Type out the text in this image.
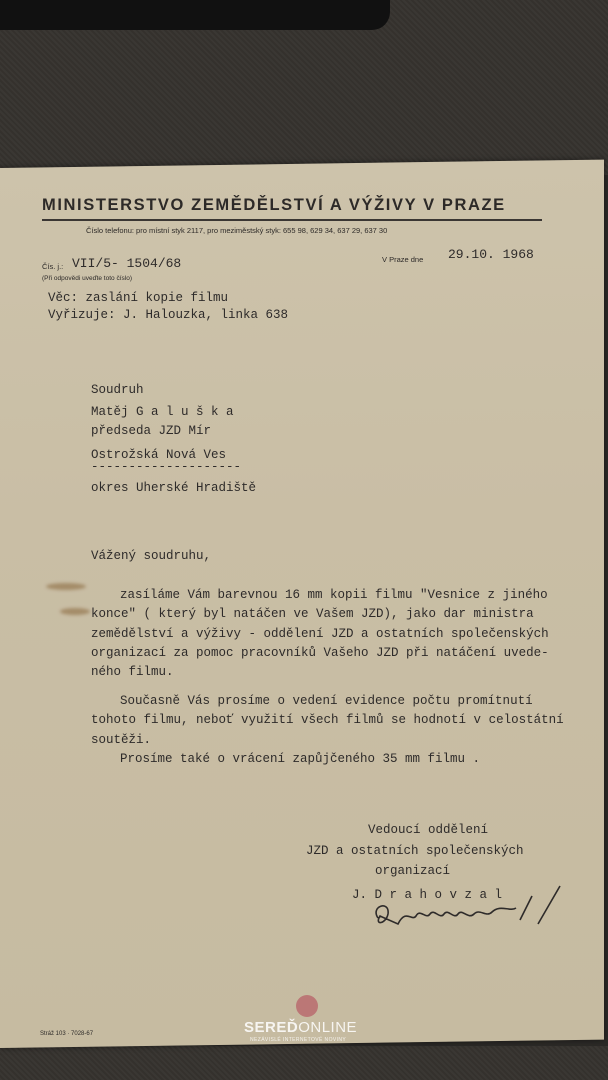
MINISTERSTVO ZEMĚDĚLSTVÍ A VÝŽIVY V PRAZE
Číslo telefonu: pro místní styk 2117, pro meziměstský styk: 655 98, 629 34, 637 29, 637 30
Čís. j.: VII/5- 1504/68
(Při odpovědi uveďte toto číslo)
V Praze dne 29.10. 1968
Věc: zaslání kopie filmu
Vyřizuje: J. Halouzka, linka 638
Soudruh
Matěj G a l u š k a
předseda JZD Mír
Ostrožská Nová Ves
--------------------
okres Uherské Hradiště
Vážený soudruhu,
zasíláme Vám barevnou 16 mm kopii filmu "Vesnice z jiného
konce" ( který byl natáčen ve Vašem JZD), jako dar ministra
zemědělství a výživy - oddělení JZD a ostatních společenských
organizací za pomoc pracovníků Vašeho JZD při natáčení uvede-
ného filmu.
Současně Vás prosíme o vedení evidence počtu promítnutí
tohoto filmu, neboť využití všech filmů se hodnotí v celostátní
soutěži.
Prosíme také o vrácení zapůjčeného 35 mm filmu .
Vedoucí oddělení
JZD a ostatních společenských
organizací
J. D r a h o v z a l
Stráž 103 · 7028-67	SEREĎONLINE
NEZÁVISLÉ INTERNETOVÉ NOVINY
